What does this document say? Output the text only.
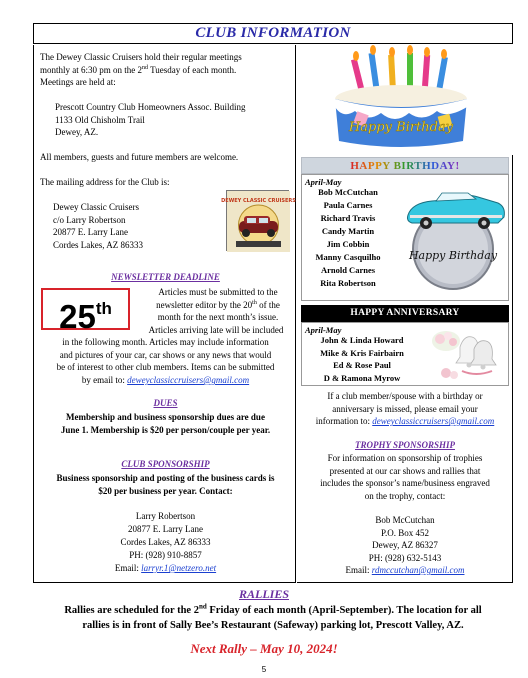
CLUB INFORMATION

The Dewey Classic Cruisers hold their regular meetings

monthly at 6:30 pm on the 2nd Tuesday of each month.

Meetings are held at:

Prescott Country Club Homeowners Assoc. Building

1133 Old Chisholm Trail

Dewey, AZ.

All members, guests and future members are welcome.

The mailing address for the Club is:

Dewey Classic Cruisers

c/o Larry Robertson

20877 E. Larry Lane

Cordes Lakes, AZ 86333

DEWEY CLASSIC CRUISERS
NEWSLETTER DEADLINE
25th

Articles must be submitted to the

newsletter editor by the 20th of the

month for the next month’s issue.

Articles arriving late will be included

in the following month. Articles may include information

and pictures of your car, car shows or any news that would

be of interest to other club members. Items can be submitted

by email to: deweyclassiccruisers@gmail.com

DUES

Membership and business sponsorship dues are due

June 1. Membership is $20 per person/couple per year.

CLUB SPONSORSHIP

Business sponsorship and posting of the business cards is

$20 per business per year. Contact:

Larry Robertson

20877 E. Larry Lane

Cordes Lakes, AZ 86333

PH: (928) 910-8857

Email: larryr.1@netzero.net

Happy Birthday
HAPPY BIRTHDAY!
April-May
Bob McCutchan
Paula Carnes
Richard Travis
Candy Martin
Jim Cobbin
Manny Casquilho
Arnold Carnes
Rita Robertson
Happy Birthday
HAPPY ANNIVERSARY
April-May
John & Linda Howard
Mike & Kris Fairbairn
Ed & Rose Paul
D & Ramona Myrow

If a club member/spouse with a birthday or

anniversary is missed, please email your

information to: deweyclassiccruisers@gmail.com

TROPHY SPONSORSHIP

For information on sponsorship of trophies

presented at our car shows and rallies that

includes the sponsor’s name/business engraved

on the trophy, contact:

Bob McCutchan

P.O. Box 452

Dewey, AZ 86327

PH: (928) 632-5143

Email: rdmccutchan@gmail.com

RALLIES
Rallies are scheduled for the 2nd Friday of each month (April-September). The location for all
rallies is in front of Sally Bee’s Restaurant (Safeway) parking lot, Prescott Valley, AZ.
Next Rally – May 10, 2024!
5
